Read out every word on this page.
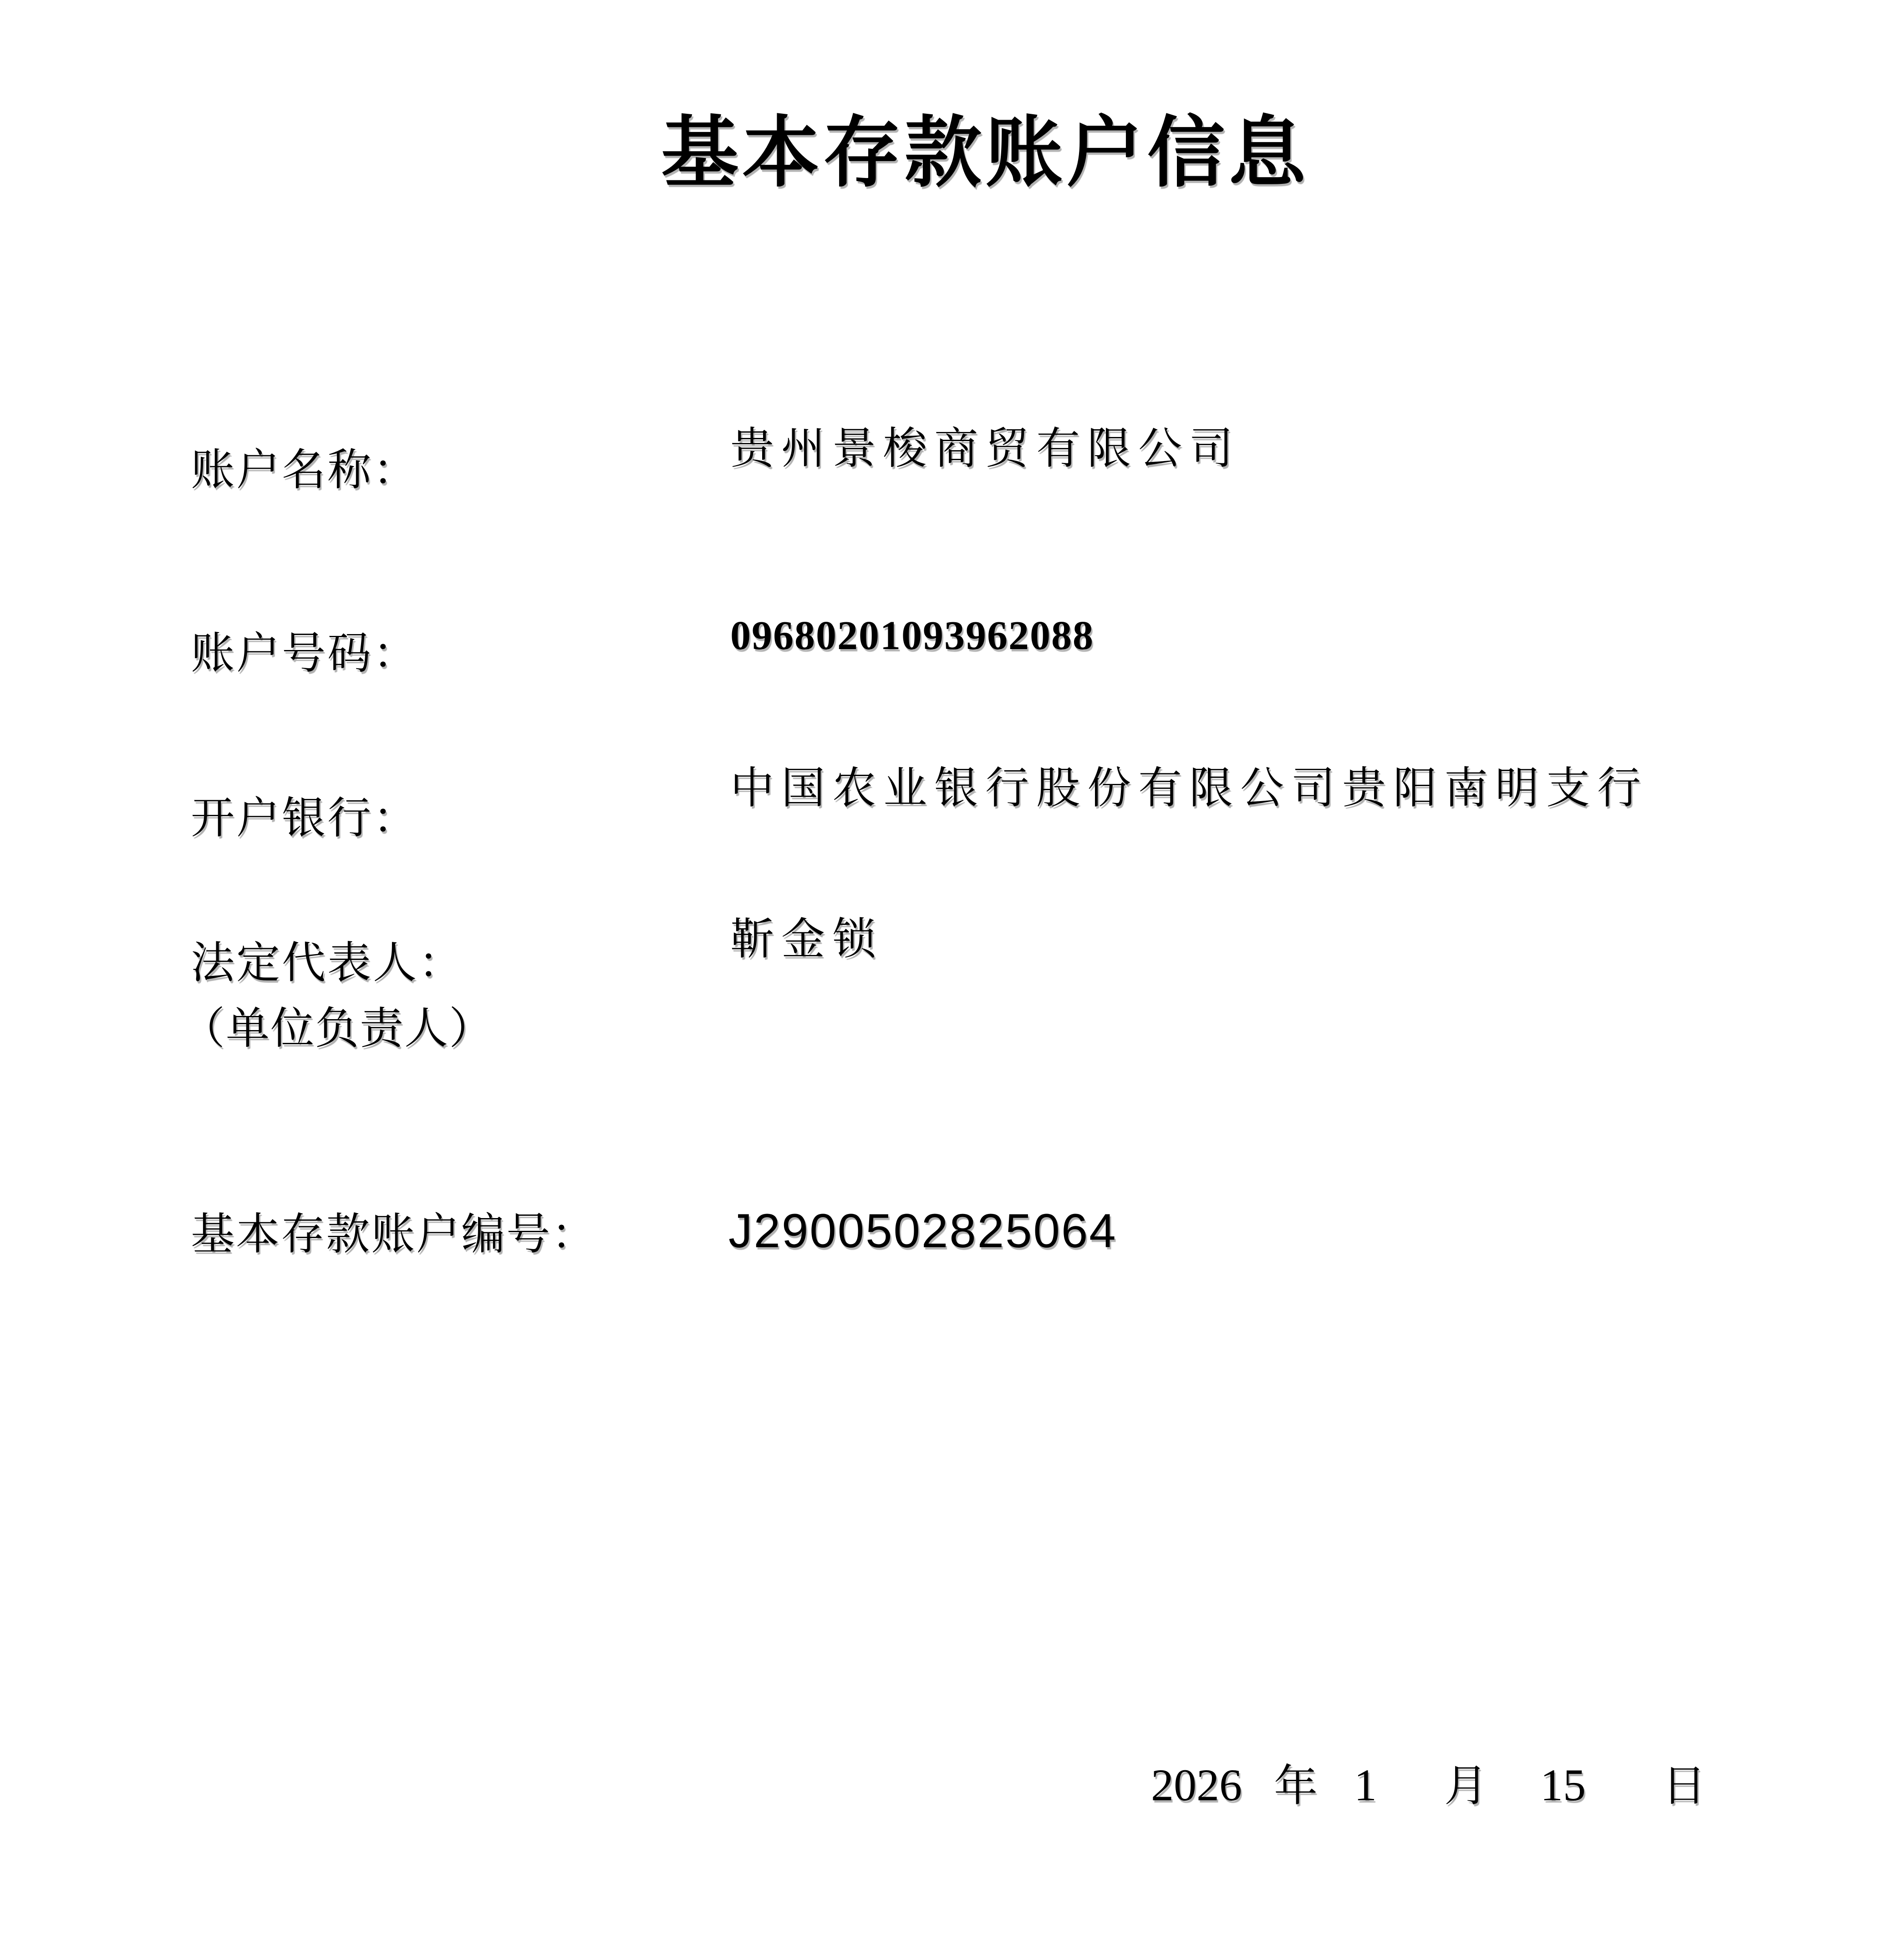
基本存款账户信息
账户名称：	贵州景梭商贸有限公司
账户号码：	09680201093962088
开户银行：
中国农业银行股份有限公司贵阳南明支行
法定代表人：	靳金锁
（单位负责人）
基本存款账户编号：	J2900502825064
2026 年 1 月 15 日
